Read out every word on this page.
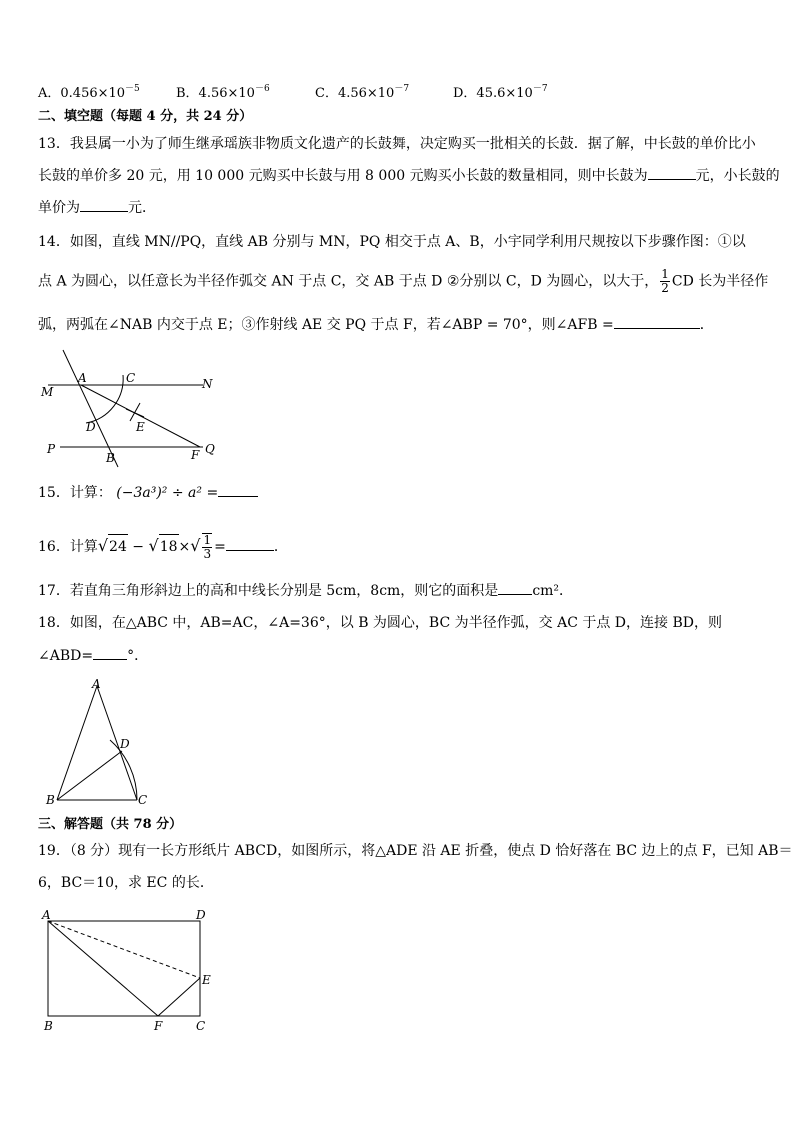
A．$0.456\times 10^{-5}$	B．$4.56\times 10^{-6}$	C．$4.56\times 10^{-7}$	D．$45.6\times 10^{-7}$
二、填空题（每题 4 分，共 24 分）
13．我县属一小为了师生继承瑶族非物质文化遗产的长鼓舞，决定购买一批相关的长鼓．据了解，中长鼓的单价比小
长鼓的单价多 20 元，用 10 000 元购买中长鼓与用 8 000 元购买小长鼓的数量相同，则中长鼓为	元，小长鼓的
单价为	元．
14．如图，直线 MN//PQ，直线 AB 分别与 MN，PQ 相交于点 A、B，小宇同学利用尺规按以下步骤作图：①以
点 A 为圆心，以任意长为半径作弧交 AN 于点 C，交 AB 于点 D ②分别以 C，D 为圆心，以大于， $\frac{1}{2}$ CD 长为半径作
弧，两弧在∠NAB 内交于点 E；③作射线 AE 交 PQ 于点 F，若∠ABP = 70°，则∠AFB =	．
M
A	C	N
D	E
P
B	F Q
15．计算： (−3a³)² ÷ a² =
16．计算$√24 - √18\times√ \frac{1}{3}$ =	．
17．若直角三角形斜边上的高和中线长分别是 5cm，8cm，则它的面积是 cm²．
18．如图，在△ABC 中，AB=AC，∠A=36°，以 B 为圆心，BC 为半径作弧，交 AC 于点 D，连接 BD，则
∠ABD= °．
A
D
B	C
三、解答题（共 78 分）
19．（8 分）现有一长方形纸片 ABCD，如图所示，将△ADE 沿 AE 折叠，使点 D 恰好落在 BC 边上的点 F，已知 AB＝
6，BC＝10，求 EC 的长．
A	D
E
B	F	C
